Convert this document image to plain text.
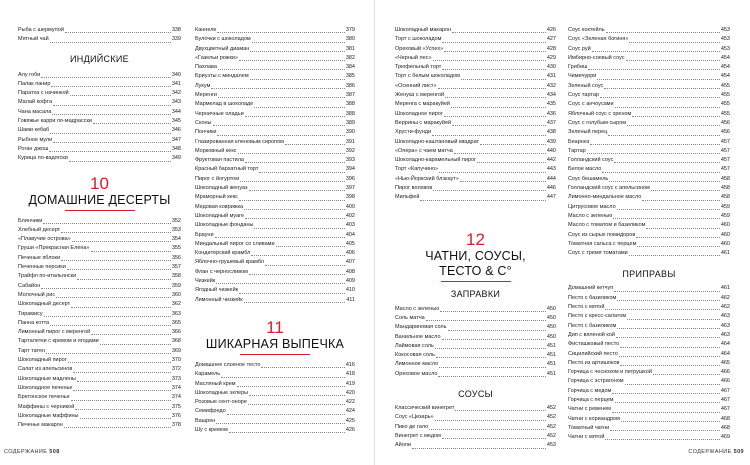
Рыба с шермулой	338
Мятный чай	339
ИНДИЙСКИЕ
Алу гоби	340
Палак панир	341
Паратха с начинкой	342
Малай кофта	343
Чана масала	344
Говяжье карри по-мадрасски	345
Шами кебаб	346
Рыбное мули	347
Роган джош	348
Курица по-вадягски	349
10
ДОМАШНИЕ ДЕСЕРТЫ
Блинчики	352
Хлебный десерт	353
«Плавучие острова»	354
Груши «Прекрасная Елена»	355
Печеные яблоки	356
Печенные персики	357
Трайфл по-итальянски	358
Сабайон	359
Молочный рис	360
Шоколадный десерт	362
Тирамису	363
Панна котта	365
Лимонный пирог с меренгой	366
Тарталетки с кремом и ягодами	368
Тарт татен	369
Шоколадный пирог	370
Салат из апельсинов	372
Шоколадные мадлены	373
Шоколадное печенье	374
Бретонское печенье	374
Маффины с черникой	375
Шоколадные маффины	376
Печенье макарон	378
Каннеле	379
Булочки с шоколадом	380
Двухцветный диаман	381
«Газельи рожки»	382
Пахлава	384
Бриуэты с миндалем	385
Лукум	386
Меренги	387
Мармелад в шоколаде	388
Черничные оладьи	388
Сконы	389
Пончики	390
Глазированная кленовым сиропом	391
Морковный кекс	392
Фруктовая пастила	393
Красный бархатный торт	394
Пирог с йогуртом	396
Шоколадный женуаз	397
Мраморный кекс	398
Медовая коврижка	400
Шоколадный муаге	402
Шоколадные фонданы	403
Брауни	404
Миндальный пирог со сливами	405
Кондитерский крамбл	406
Яблочно-грушевый крамбл	407
Флан с черносливом	408
Чизкейк	409
Ягодный чизкейк	410
Лимонный чизкейк	411
11
ШИКАРНАЯ ВЫПЕЧКА
Домашнее слоеное тесто	416
Карамель	418
Масляный крем	419
Шоколадные эклеры	420
Розовые сент-оноре	422
Семифредо	424
Вашрен	425
Шу с кремом	426
СОДЕРЖАНИЕ 508
Шоколадный макарон	426
Торт с шоколадом	427
Ореховый «Успех»	428
«Черный лес»	429
Трюфельный торт	430
Торт с белым шоколадом	431
«Осенний лист»	432
Женуаз с меренгой	434
Меренга с маракуйей	435
Шоколадное пирог	436
Веррины с маракуйей	437
Хрусти-фунди	438
Шоколадно-каштановый квадрат	439
«Опера» с чаем матча	440
Шоколадно-карамельный пирог	442
Торт «Капучино»	443
«Нью-Йоркский блэкаут»	444
Пирог волхвов	446
Мильфей	447
12
ЧАТНИ, СОУСЫ,
ТЕСТО & С°
ЗАПРАВКИ
Масло с зеленью	450
Соль матча	450
Мандариновая соль	450
Ванильное масло	450
Лаймовая соль	451
Кокосовая соль	451
Лимонное масло	451
Ореховое масло	451
СОУСЫ
Классический винегрет	452
Соус «Цезарь»	452
Пико де гало	452
Винегрет с медом	452
Айоли	453
Соус коктейль	453
Соус «Зеленая богиня»	453
Соус руй	453
Имбирно-соевый соус	454
Грибиш	454
Чимичурри	454
Зеленый соус	455
Соус тартар	455
Соус с анчоусами	455
Яблочный соус с хреном	455
Соус с голубым сыром	456
Зеленый перец	456
Беарнез	457
Тартар	457
Голландский соус	457
Белое масло	457
Соус бешамель	458
Голландский соус с апельсином	458
Лимонно-миндальное масло	458
Цитрусовое масло	459
Масло с зеленью	459
Масло с томатом и базиликом	460
Соус из сырых помидоров	460
Томатная сальса с перцем	460
Соус с тремя томатами	461
ПРИПРАВЫ
Домашний кетчуп	461
Песто с базиликом	462
Песто с мятой	462
Песто с кресс-салатом	463
Песто с базиликом	463
Дип с вяленой кой	463
Фисташковый песто	464
Сицилийский песто	464
Песто из артишоков	465
Горчица с чесноком и петрушкой	466
Горчица с эстрагоном	466
Горчица с медом	467
Горчица с перцем	467
Чатни с ревенем	467
Чатни с кориандром	468
Томатный чатни	468
Чатни с мятой	469
СОДЕРЖАНИЕ 509
